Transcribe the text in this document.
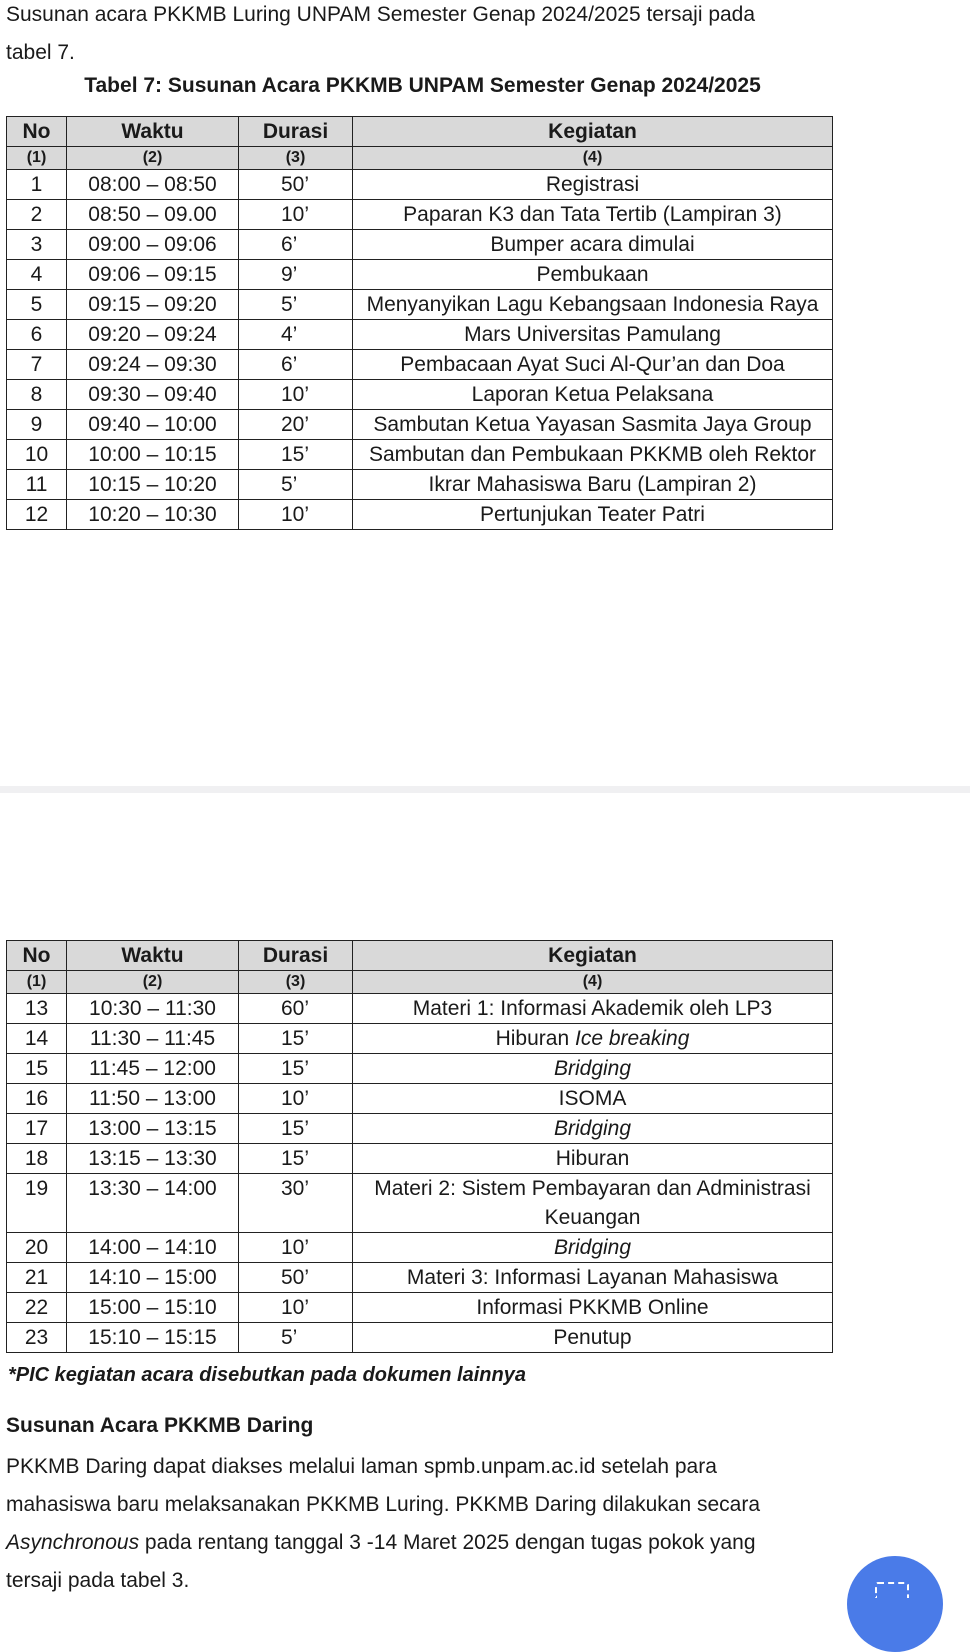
Susunan acara PKKMB Luring UNPAM Semester Genap 2024/2025 tersaji pada
tabel 7.

Tabel 7: Susunan Acara PKKMB UNPAM Semester Genap 2024/2025

No	Waktu	Durasi	Kegiatan
(1)	(2)	(3)	(4)
1	08:00 – 08:50	50’	Registrasi
2	08:50 – 09.00	10’	Paparan K3 dan Tata Tertib (Lampiran 3)
3	09:00 – 09:06	6’	Bumper acara dimulai
4	09:06 – 09:15	9’	Pembukaan
5	09:15 – 09:20	5’	Menyanyikan Lagu Kebangsaan Indonesia Raya
6	09:20 – 09:24	4’	Mars Universitas Pamulang
7	09:24 – 09:30	6’	Pembacaan Ayat Suci Al-Qur’an dan Doa
8	09:30 – 09:40	10’	Laporan Ketua Pelaksana
9	09:40 – 10:00	20’	Sambutan Ketua Yayasan Sasmita Jaya Group
10	10:00 – 10:15	15’	Sambutan dan Pembukaan PKKMB oleh Rektor
11	10:15 – 10:20	5’	Ikrar Mahasiswa Baru (Lampiran 2)
12	10:20 – 10:30	10’	Pertunjukan Teater Patri
No	Waktu	Durasi	Kegiatan
(1)	(2)	(3)	(4)
13	10:30 – 11:30	60’	Materi 1: Informasi Akademik oleh LP3
14	11:30 – 11:45	15’	Hiburan Ice breaking
15	11:45 – 12:00	15’	Bridging
16	11:50 – 13:00	10’	ISOMA
17	13:00 – 13:15	15’	Bridging
18	13:15 – 13:30	15’	Hiburan
19	13:30 – 14:00	30’	Materi 2: Sistem Pembayaran dan Administrasi Keuangan
20	14:00 – 14:10	10’	Bridging
21	14:10 – 15:00	50’	Materi 3: Informasi Layanan Mahasiswa
22	15:00 – 15:10	10’	Informasi PKKMB Online
23	15:10 – 15:15	5’	Penutup

*PIC kegiatan acara disebutkan pada dokumen lainnya

Susunan Acara PKKMB Daring

PKKMB Daring dapat diakses melalui laman spmb.unpam.ac.id setelah para
mahasiswa baru melaksanakan PKKMB Luring. PKKMB Daring dilakukan secara
Asynchronous pada rentang tanggal 3 -14 Maret 2025 dengan tugas pokok yang
tersaji pada tabel 3.
